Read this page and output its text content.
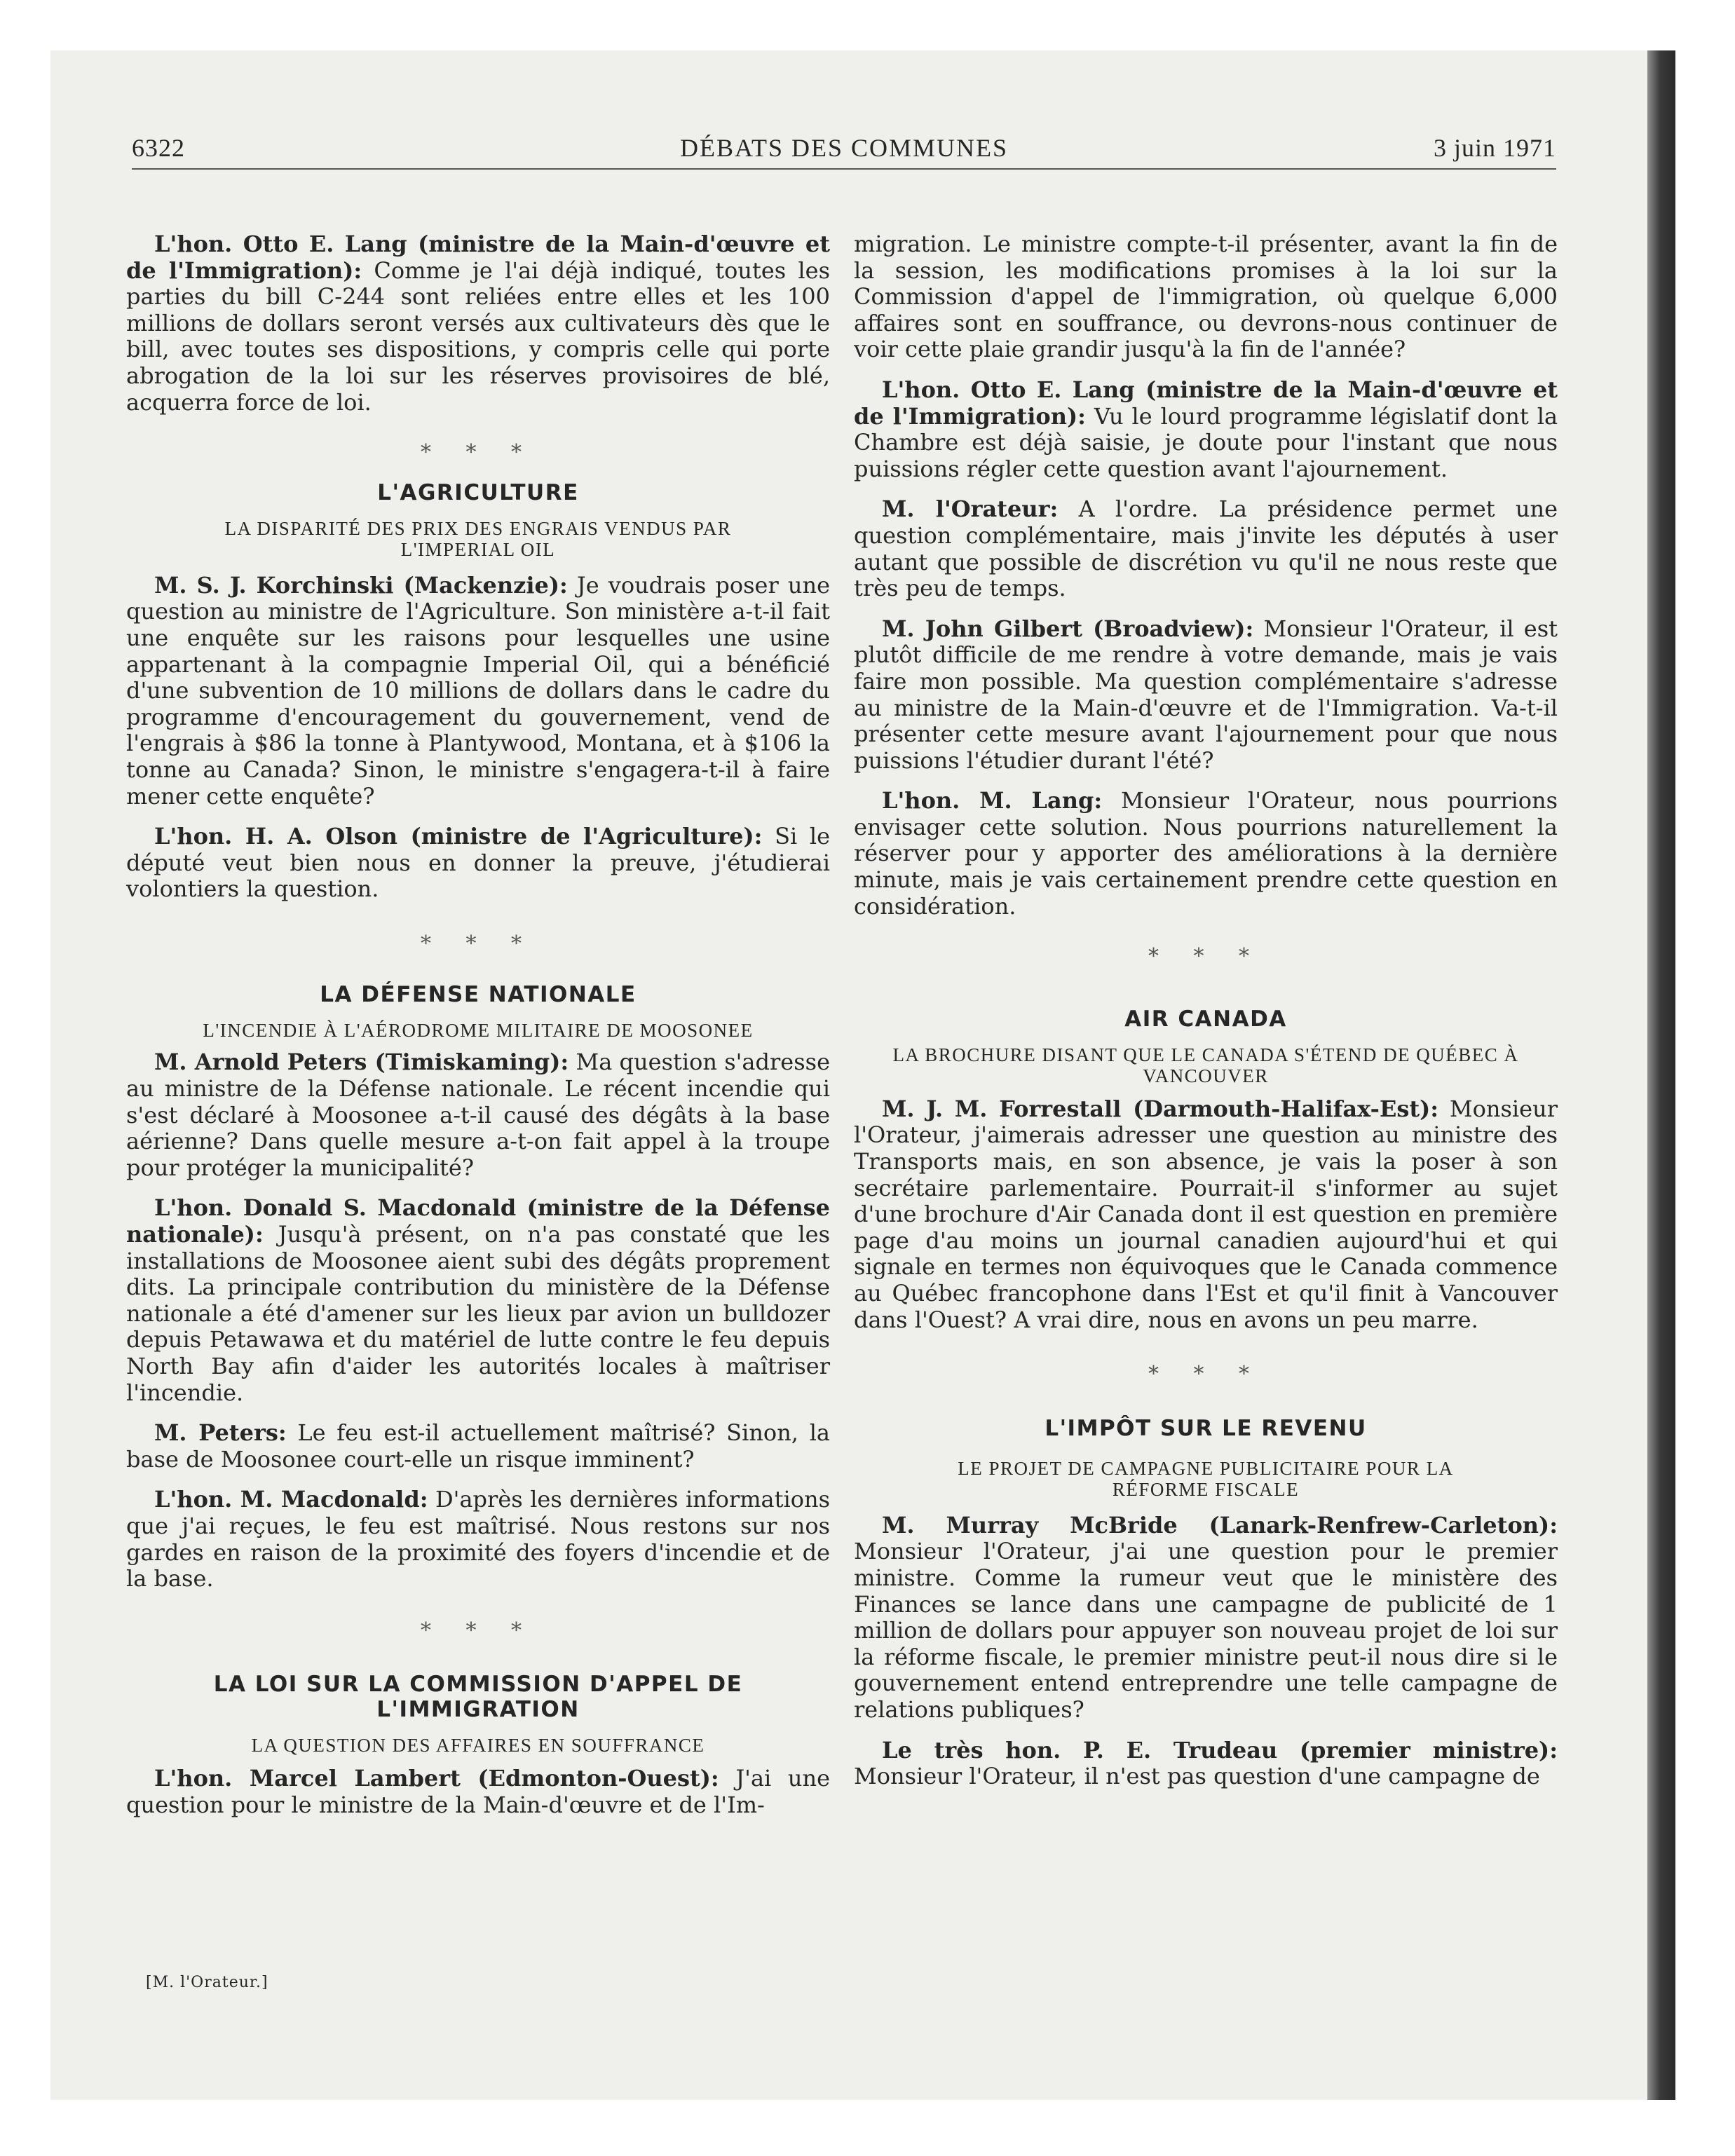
6322	DÉBATS DES COMMUNES	3 juin 1971

L'hon. Otto E. Lang (ministre de la Main-d'œuvre et de l'Immigration): Comme je l'ai déjà indiqué, toutes les parties du bill C-244 sont reliées entre elles et les 100 millions de dollars seront versés aux cultivateurs dès que le bill, avec toutes ses dispositions, y compris celle qui porte abrogation de la loi sur les réserves provisoires de blé, acquerra force de loi.

* * *
L'AGRICULTURE
LA DISPARITÉ DES PRIX DES ENGRAIS VENDUS PAR L'IMPERIAL OIL

M. S. J. Korchinski (Mackenzie): Je voudrais poser une question au ministre de l'Agriculture. Son ministère a-t-il fait une enquête sur les raisons pour lesquelles une usine appartenant à la compagnie Imperial Oil, qui a bénéficié d'une subvention de 10 millions de dollars dans le cadre du programme d'encouragement du gouvernement, vend de l'engrais à $86 la tonne à Plantywood, Montana, et à $106 la tonne au Canada? Sinon, le ministre s'engagera-t-il à faire mener cette enquête?

L'hon. H. A. Olson (ministre de l'Agriculture): Si le député veut bien nous en donner la preuve, j'étudierai volontiers la question.

* * *
LA DÉFENSE NATIONALE
L'INCENDIE À L'AÉRODROME MILITAIRE DE MOOSONEE

M. Arnold Peters (Timiskaming): Ma question s'adresse au ministre de la Défense nationale. Le récent incendie qui s'est déclaré à Moosonee a-t-il causé des dégâts à la base aérienne? Dans quelle mesure a-t-on fait appel à la troupe pour protéger la municipalité?

L'hon. Donald S. Macdonald (ministre de la Défense nationale): Jusqu'à présent, on n'a pas constaté que les installations de Moosonee aient subi des dégâts proprement dits. La principale contribution du ministère de la Défense nationale a été d'amener sur les lieux par avion un bulldozer depuis Petawawa et du matériel de lutte contre le feu depuis North Bay afin d'aider les autorités locales à maîtriser l'incendie.

M. Peters: Le feu est-il actuellement maîtrisé? Sinon, la base de Moosonee court-elle un risque imminent?

L'hon. M. Macdonald: D'après les dernières informations que j'ai reçues, le feu est maîtrisé. Nous restons sur nos gardes en raison de la proximité des foyers d'incendie et de la base.

* * *
LA LOI SUR LA COMMISSION D'APPEL DE
L'IMMIGRATION
LA QUESTION DES AFFAIRES EN SOUFFRANCE

L'hon. Marcel Lambert (Edmonton-Ouest): J'ai une question pour le ministre de la Main-d'œuvre et de l'Im-

[M. l'Orateur.]

migration. Le ministre compte-t-il présenter, avant la fin de la session, les modifications promises à la loi sur la Commission d'appel de l'immigration, où quelque 6,000 affaires sont en souffrance, ou devrons-nous continuer de voir cette plaie grandir jusqu'à la fin de l'année?

L'hon. Otto E. Lang (ministre de la Main-d'œuvre et de l'Immigration): Vu le lourd programme législatif dont la Chambre est déjà saisie, je doute pour l'instant que nous puissions régler cette question avant l'ajournement.

M. l'Orateur: A l'ordre. La présidence permet une question complémentaire, mais j'invite les députés à user autant que possible de discrétion vu qu'il ne nous reste que très peu de temps.

M. John Gilbert (Broadview): Monsieur l'Orateur, il est plutôt difficile de me rendre à votre demande, mais je vais faire mon possible. Ma question complémentaire s'adresse au ministre de la Main-d'œuvre et de l'Immigration. Va-t-il présenter cette mesure avant l'ajournement pour que nous puissions l'étudier durant l'été?

L'hon. M. Lang: Monsieur l'Orateur, nous pourrions envisager cette solution. Nous pourrions naturellement la réserver pour y apporter des améliorations à la dernière minute, mais je vais certainement prendre cette question en considération.

* * *
AIR CANADA
LA BROCHURE DISANT QUE LE CANADA S'ÉTEND DE QUÉBEC À VANCOUVER

M. J. M. Forrestall (Darmouth-Halifax-Est): Monsieur l'Orateur, j'aimerais adresser une question au ministre des Transports mais, en son absence, je vais la poser à son secrétaire parlementaire. Pourrait-il s'informer au sujet d'une brochure d'Air Canada dont il est question en première page d'au moins un journal canadien aujourd'hui et qui signale en termes non équivoques que le Canada commence au Québec francophone dans l'Est et qu'il finit à Vancouver dans l'Ouest? A vrai dire, nous en avons un peu marre.

* * *
L'IMPÔT SUR LE REVENU
LE PROJET DE CAMPAGNE PUBLICITAIRE POUR LA RÉFORME FISCALE

M. Murray McBride (Lanark-Renfrew-Carleton): Monsieur l'Orateur, j'ai une question pour le premier ministre. Comme la rumeur veut que le ministère des Finances se lance dans une campagne de publicité de 1 million de dollars pour appuyer son nouveau projet de loi sur la réforme fiscale, le premier ministre peut-il nous dire si le gouvernement entend entreprendre une telle campagne de relations publiques?

Le très hon. P. E. Trudeau (premier ministre): Monsieur l'Orateur, il n'est pas question d'une campagne de
